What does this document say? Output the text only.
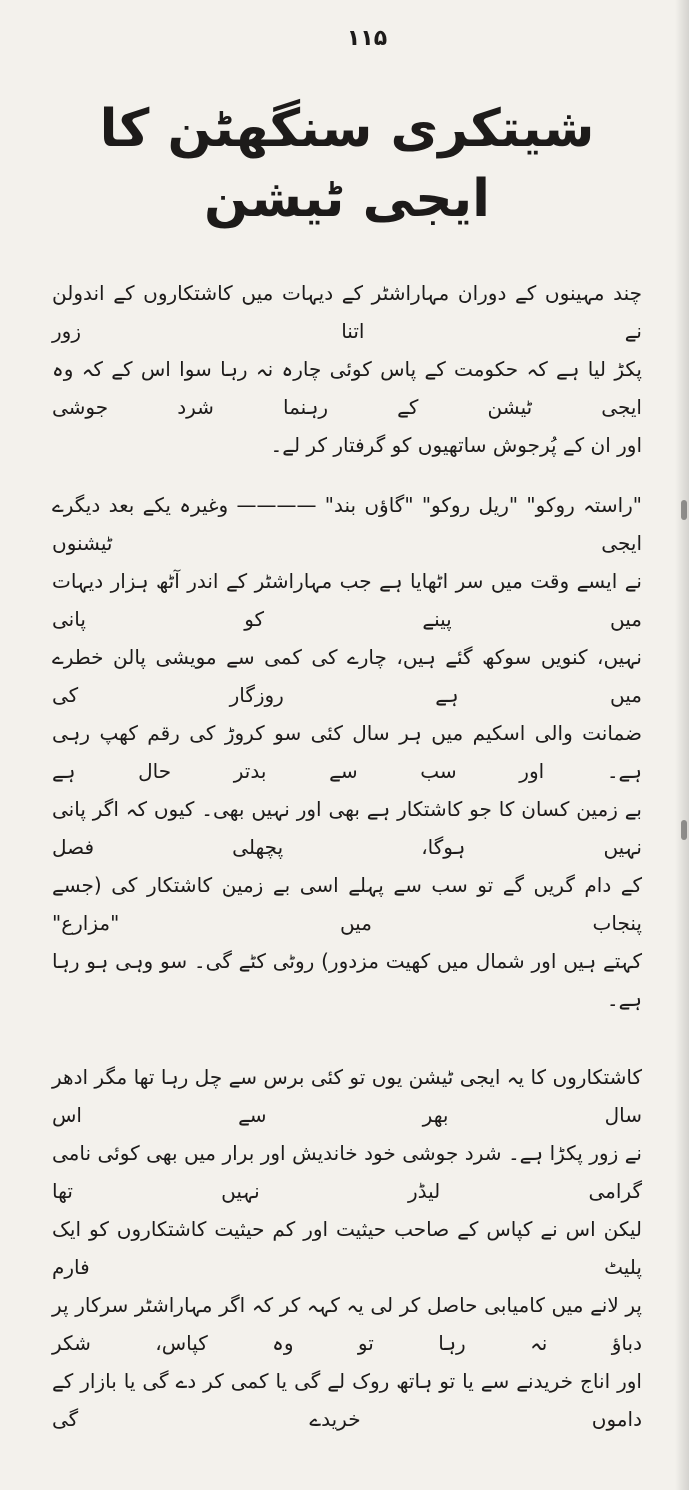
۱۱۵
شیتکری سنگھٹن کا ایجی ٹیشن
چند مہینوں کے دوران مہاراشٹر کے دیہات میں کاشتکاروں کے اندولن نے اتنا زور
پکڑ لیا ہے کہ حکومت کے پاس کوئی چارہ نہ رہا سوا اس کے کہ وہ ایجی ٹیشن کے رہنما شرد جوشی
اور ان کے پُرجوش ساتھیوں کو گرفتار کر لے۔
"راستہ روکو" "ریل روکو" "گاؤں بند" ———— وغیرہ یکے بعد دیگرے ایجی ٹیشنوں
نے ایسے وقت میں سر اٹھایا ہے جب مہاراشٹر کے اندر آٹھ ہزار دیہات میں پینے کو پانی
نہیں، کنویں سوکھ گئے ہیں، چارے کی کمی سے مویشی پالن خطرے میں ہے روزگار کی
ضمانت والی اسکیم میں ہر سال کئی سو کروڑ کی رقم کھپ رہی ہے۔ اور سب سے بدتر حال ہے
بے زمین کسان کا جو کاشتکار ہے بھی اور نہیں بھی۔ کیوں کہ اگر پانی نہیں ہوگا، پچھلی فصل
کے دام گریں گے تو سب سے پہلے اسی بے زمین کاشتکار کی (جسے پنجاب میں "مزارع"
کہتے ہیں اور شمال میں کھیت مزدور) روٹی کٹے گی۔ سو وہی ہو رہا ہے۔
کاشتکاروں کا یہ ایجی ٹیشن یوں تو کئی برس سے چل رہا تھا مگر ادھر سال بھر سے اس
نے زور پکڑا ہے۔ شرد جوشی خود خاندیش اور برار میں بھی کوئی نامی گرامی لیڈر نہیں تھا
لیکن اس نے کپاس کے صاحب حیثیت اور کم حیثیت کاشتکاروں کو ایک پلیٹ فارم
پر لانے میں کامیابی حاصل کر لی یہ کہہ کر کہ اگر مہاراشٹر سرکار پر دباؤ نہ رہا تو وہ کپاس، شکر
اور اناج خریدنے سے یا تو ہاتھ روک لے گی یا کمی کر دے گی یا بازار کے داموں خریدے گی
